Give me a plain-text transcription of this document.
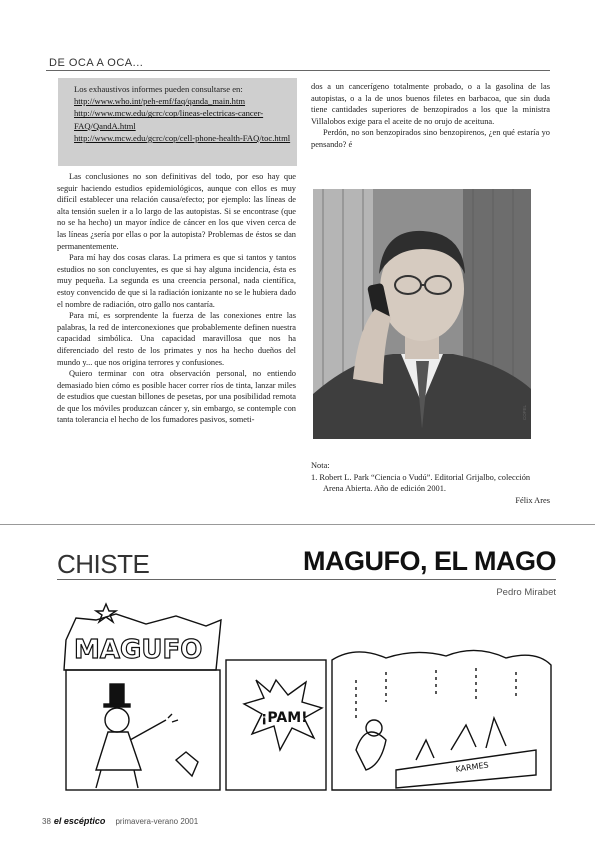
DE OCA A OCA...
Los exhaustivos informes pueden consultarse en:
http://www.who.int/peh-emf/faq/qanda_main.htm
http://www.mcw.edu/gcrc/cop/lineas-electricas-cancer-FAQ/QandA.html
http://www.mcw.edu/gcrc/cop/cell-phone-health-FAQ/toc.html

Las conclusiones no son definitivas del todo, por eso hay que seguir haciendo estudios epidemiológicos, aunque con ellos es muy difícil establecer una relación causa/efecto; por ejemplo: las líneas de alta tensión suelen ir a lo largo de las autopistas. Si se encontrase (que no se ha hecho) un mayor índice de cáncer en los que viven cerca de las líneas ¿sería por ellas o por la autopista? Problemas de éstos se dan permanentemente.

Para mí hay dos cosas claras. La primera es que si tantos y tantos estudios no son concluyentes, es que si hay alguna incidencia, ésta es muy pequeña. La segunda es una creencia personal, nada científica, estoy convencido de que si la radiación ionizante no se le hubiera dado el nombre de radiación, otro gallo nos cantaría.

Para mí, es sorprendente la fuerza de las conexiones entre las palabras, la red de interconexiones que probablemente definen nuestra capacidad simbólica. Una capacidad maravillosa que nos ha diferenciado del resto de los primates y nos ha hecho dueños del mundo y... que nos origina terrores y confusiones.

Quiero terminar con otra observación personal, no entiendo demasiado bien cómo es posible hacer correr ríos de tinta, lanzar miles de estudios que cuestan billones de pesetas, por una posibilidad remota de que los móviles produzcan cáncer y, sin embargo, se contemple con tanta tolerancia el hecho de los fumadores pasivos, someti-

dos a un cancerígeno totalmente probado, o a la gasolina de las autopistas, o a la de unos buenos filetes en barbacoa, que sin duda tiene cantidades superiores de benzopirados a los que la ministra Villalobos exige para el aceite de no orujo de aceituna.

Perdón, no son benzopirados sino benzopirenos, ¿en qué estaría yo pensando? é

COFEL
Nota:
1. Robert L. Park “Ciencia o Vudú”. Editorial Grijalbo, colección Arena Abierta. Año de edición 2001.
Félix Ares
CHISTE	MAGUFO, EL MAGO
Pedro Mirabet
MAGUFO
¡PAM!
KARMES
38 el escéptico primavera-verano 2001
